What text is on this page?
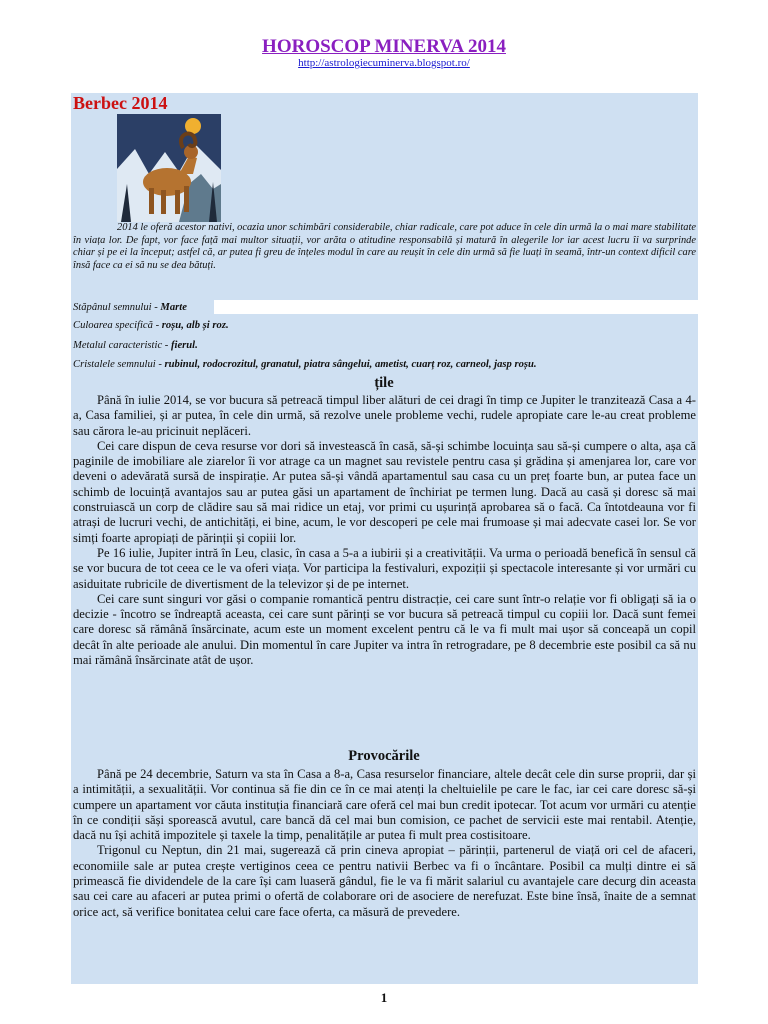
HOROSCOP MINERVA 2014
http://astrologiecuminerva.blogspot.ro/
Berbec 2014

2014 le oferă acestor nativi, ocazia unor schimbări considerabile, chiar radicale, care pot aduce în cele din urmă la o mai mare stabilitate în viața lor. De fapt, vor face față mai multor situații, vor arăta o atitudine responsabilă și matură în alegerile lor iar acest lucru îi va surprinde chiar și pe ei la început; astfel că, ar putea fi greu de înțeles modul în care au reușit în cele din urmă să fie luați în seamă, într-un context dificil care însă face ca ei să nu se dea bătuți.

Stăpânul semnului - Marte
Culoarea specifică - roșu, alb și roz.
Metalul caracteristic - fierul.
Cristalele semnului - rubinul, rodocrozitul, granatul, piatra sângelui, ametist, cuarț roz, carneol, jasp roșu.
țile

Până în iulie 2014, se vor bucura să petreacă timpul liber alături de cei dragi în timp ce Jupiter le tranzitează Casa a 4-a, Casa familiei, și ar putea, în cele din urmă, să rezolve unele probleme vechi, rudele apropiate care le-au creat probleme sau cărora le-au pricinuit neplăceri.

Cei care dispun de ceva resurse vor dori să investească în casă, să-și schimbe locuința sau să-și cumpere o alta, așa că paginile de imobiliare ale ziarelor îi vor atrage ca un magnet sau revistele pentru casa și grădina și amenjarea lor, care vor deveni o adevărată sursă de inspirație. Ar putea să-și vândă apartamentul sau casa cu un preț foarte bun, ar putea face un schimb de locuință avantajos sau ar putea găsi un apartament de închiriat pe termen lung. Dacă au casă și doresc să mai construiască un corp de clădire sau să mai ridice un etaj, vor primi cu ușurință aprobarea să o facă. Ca întotdeauna vor fi atrași de lucruri vechi, de antichități, ei bine, acum, le vor descoperi pe cele mai frumoase și mai adecvate casei lor. Se vor simți foarte apropiați de părinții și copiii lor.

Pe 16 iulie, Jupiter intră în Leu, clasic, în casa a 5-a a iubirii și a creativității. Va urma o perioadă benefică în sensul că se vor bucura de tot ceea ce le va oferi viața. Vor participa la festivaluri, expoziții și spectacole interesante și vor urmări cu asiduitate rubricile de divertisment de la televizor și de pe internet.

Cei care sunt singuri vor găsi o companie romantică pentru distracție, cei care sunt într-o relație vor fi obligați să ia o decizie - încotro se îndreaptă aceasta, cei care sunt părinți se vor bucura să petreacă timpul cu copiii lor. Dacă sunt femei care doresc să rămână însărcinate, acum este un moment excelent pentru că le va fi mult mai ușor să conceapă un copil decât în alte perioade ale anului. Din momentul în care Jupiter va intra în retrogradare, pe 8 decembrie este posibil ca să nu mai rămână însărcinate atât de ușor.

Provocările

Până pe 24 decembrie, Saturn va sta în Casa a 8-a, Casa resurselor financiare, altele decât cele din surse proprii, dar și a intimității, a sexualității. Vor continua să fie din ce în ce mai atenți la cheltuielile pe care le fac, iar cei care doresc să-și cumpere un apartament vor căuta instituția financiară care oferă cel mai bun credit ipotecar. Tot acum vor urmări cu atenție în ce condiții săși sporească avutul, care bancă dă cel mai bun comision, ce pachet de servicii este mai rentabil. Atenție, dacă nu își achită impozitele și taxele la timp, penalitățile ar putea fi mult prea costisitoare.

Trigonul cu Neptun, din 21 mai, sugerează că prin cineva apropiat – părinții, partenerul de viață ori cel de afaceri, economiile sale ar putea crește vertiginos ceea ce pentru nativii Berbec va fi o încântare. Posibil ca mulți dintre ei să primească fie dividendele de la care își cam luaseră gândul, fie le va fi mărit salariul cu avantajele care decurg din aceasta sau cei care au afaceri ar putea primi o ofertă de colaborare ori de asociere de nerefuzat. Este bine însă, înaite de a semnat orice act, să verifice bonitatea celui care face oferta, ca măsură de prevedere.

1
